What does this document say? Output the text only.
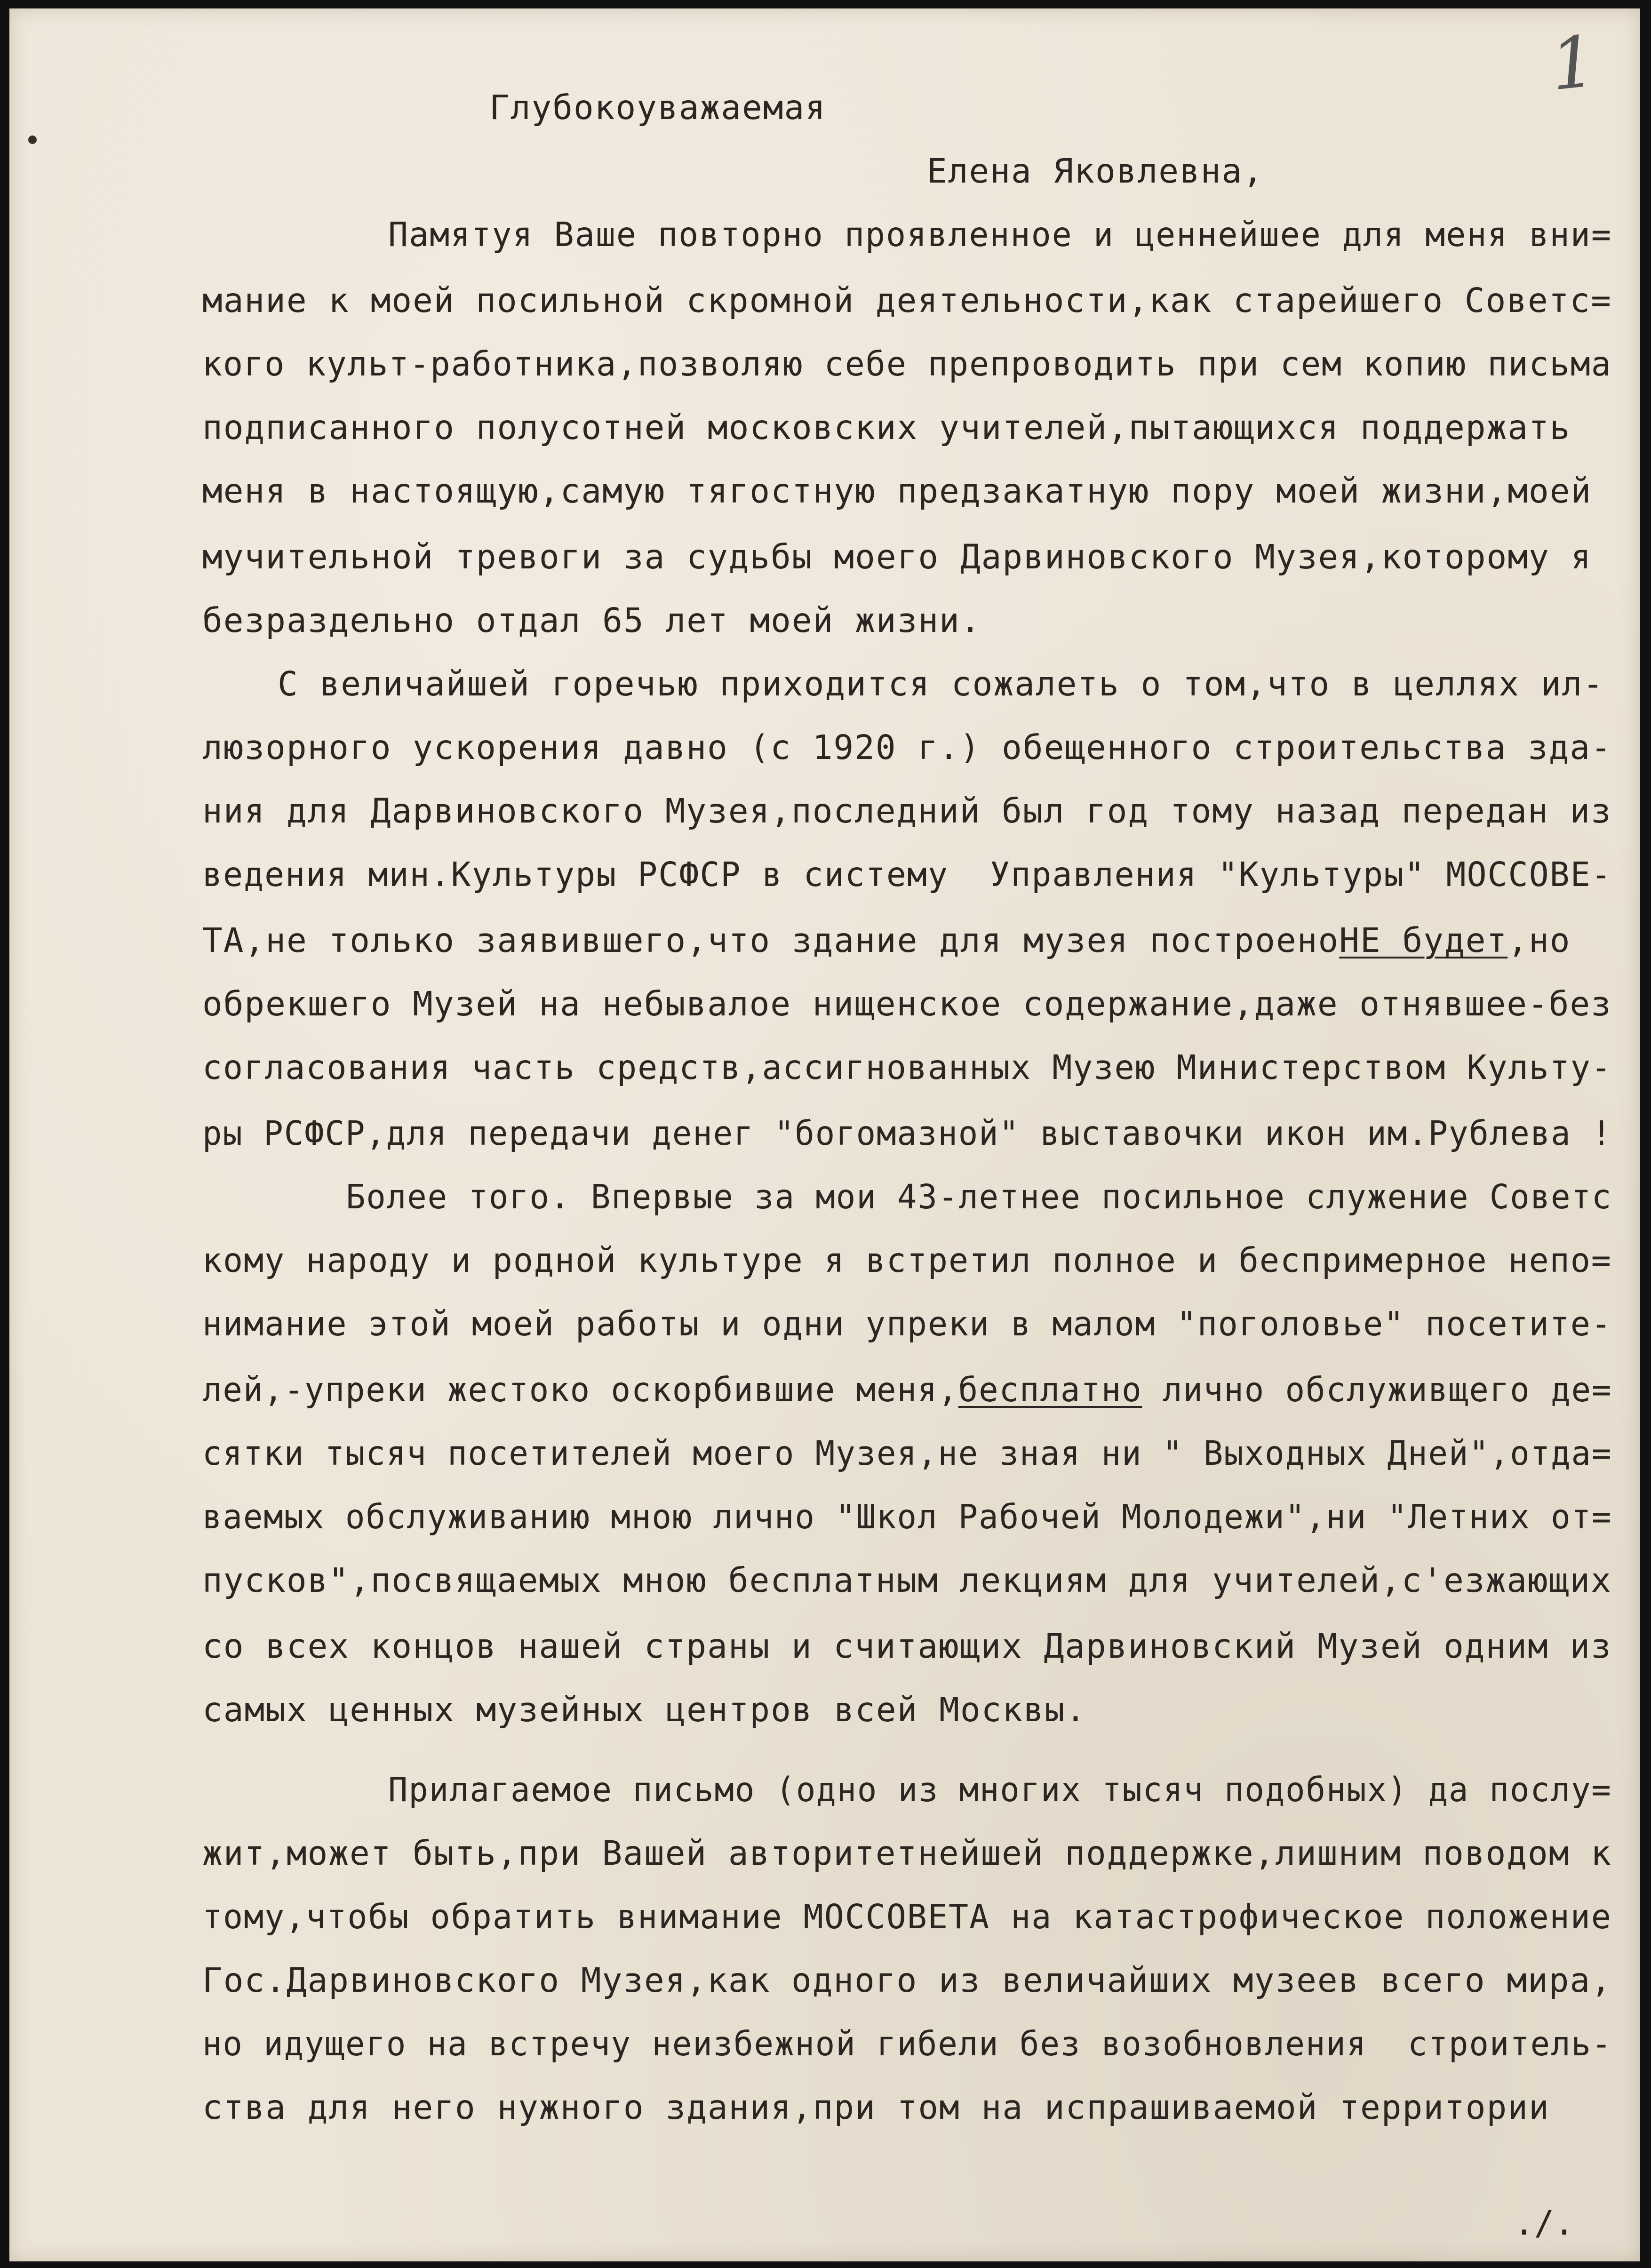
1
Глубокоуважаемая
Елена Яковлевна,
Памятуя Ваше повторно проявленное и ценнейшее для меня вни=
мание к моей посильной скромной деятельности,как старейшего Советс=
кого культ-работника,позволяю себе препроводить при сем копию письма
подписанного полусотней московских учителей,пытающихся поддержать
меня в настоящую,самую тягостную предзакатную пору моей жизни,моей
мучительной тревоги за судьбы моего Дарвиновского Музея,которому я
безраздельно отдал 65 лет моей жизни.
С величайшей горечью приходится сожалеть о том,что в целлях ил-
люзорного ускорения давно (с 1920 г.) обещенного строительства зда-
ния для Дарвиновского Музея,последний был год тому назад передан из
ведения мин.Культуры РСФСР в систему  Управления "Культуры" МОССОВЕ-
ТА,не только заявившего,что здание для музея построеноНЕ будет,но
обрекшего Музей на небывалое нищенское содержание,даже отнявшее-без
согласования часть средств,ассигнованных Музею Министерством Культу-
ры РСФСР,для передачи денег "богомазной" выставочки икон им.Рублева !
Более того. Впервые за мои 43-летнее посильное служение Советс
кому народу и родной культуре я встретил полное и беспримерное непо=
нимание этой моей работы и одни упреки в малом "поголовье" посетите-
лей,-упреки жестоко оскорбившие меня,бесплатно лично обслуживщего де=
сятки тысяч посетителей моего Музея,не зная ни " Выходных Дней",отда=
ваемых обслуживанию мною лично "Школ Рабочей Молодежи",ни "Летних от=
пусков",посвящаемых мною бесплатным лекциям для учителей,с'езжающих
со всех концов нашей страны и считающих Дарвиновский Музей одним из
самых ценных музейных центров всей Москвы.
Прилагаемое письмо (одно из многих тысяч подобных) да послу=
жит,может быть,при Вашей авторитетнейшей поддержке,лишним поводом к
тому,чтобы обратить внимание МОССОВЕТА на катастрофическое положение
Гос.Дарвиновского Музея,как одного из величайших музеев всего мира,
но идущего на встречу неизбежной гибели без возобновления  строитель-
ства для него нужного здания,при том на испрашиваемой территории
./.
